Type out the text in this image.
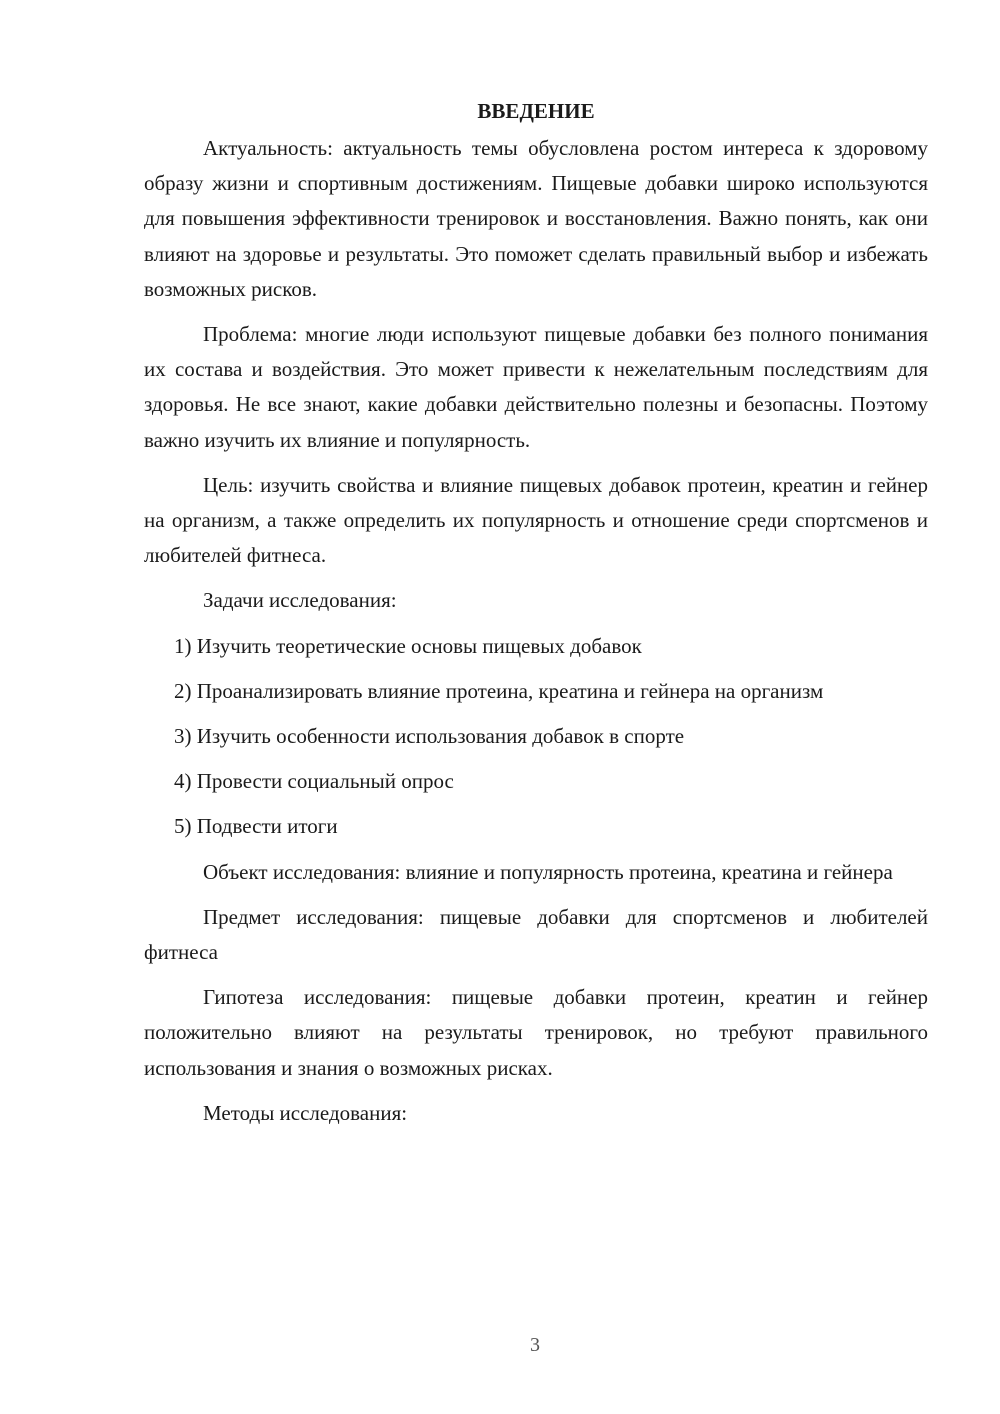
ВВЕДЕНИЕ

Актуальность: актуальность темы обусловлена ростом интереса к здоровому образу жизни и спортивным достижениям. Пищевые добавки широко используются для повышения эффективности тренировок и восстановления. Важно понять, как они влияют на здоровье и результаты. Это поможет сделать правильный выбор и избежать возможных рисков.

Проблема: многие люди используют пищевые добавки без полного понимания их состава и воздействия. Это может привести к нежелательным последствиям для здоровья. Не все знают, какие добавки действительно полезны и безопасны. Поэтому важно изучить их влияние и популярность.

Цель: изучить свойства и влияние пищевых добавок протеин, креатин и гейнер на организм, а также определить их популярность и отношение среди спортсменов и любителей фитнеса.

Задачи исследования:

1) Изучить теоретические основы пищевых добавок

2) Проанализировать влияние протеина, креатина и гейнера на организм

3) Изучить особенности использования добавок в спорте

4) Провести социальный опрос

5) Подвести итоги

Объект исследования: влияние и популярность протеина, креатина и гейнера

Предмет исследования: пищевые добавки для спортсменов и любителей фитнеса

Гипотеза исследования: пищевые добавки протеин, креатин и гейнер положительно влияют на результаты тренировок, но требуют правильного использования и знания о возможных рисках.

Методы исследования:

3
